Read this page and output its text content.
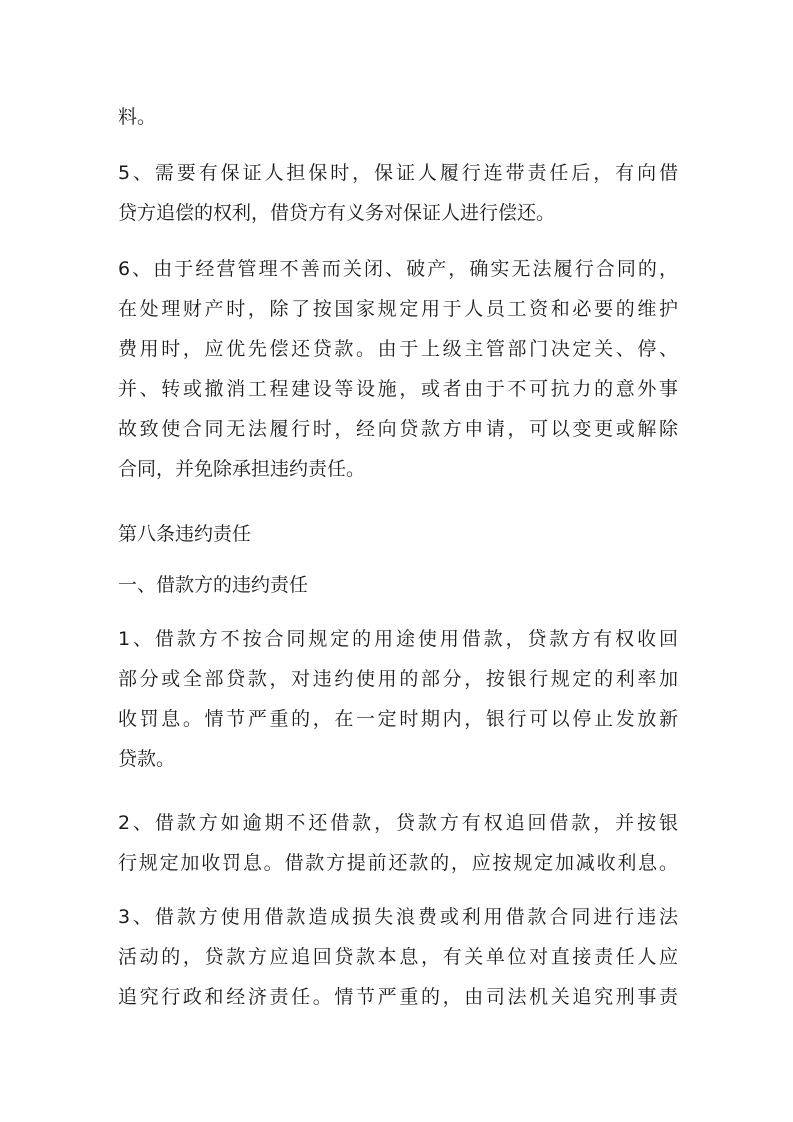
料。
5、需要有保证人担保时，保证人履行连带责任后，有向借
贷方追偿的权利，借贷方有义务对保证人进行偿还。
6、由于经营管理不善而关闭、破产，确实无法履行合同的，
在处理财产时，除了按国家规定用于人员工资和必要的维护
费用时，应优先偿还贷款。由于上级主管部门决定关、停、
并、转或撤消工程建设等设施，或者由于不可抗力的意外事
故致使合同无法履行时，经向贷款方申请，可以变更或解除
合同，并免除承担违约责任。
第八条违约责任
一、借款方的违约责任
1、借款方不按合同规定的用途使用借款，贷款方有权收回
部分或全部贷款，对违约使用的部分，按银行规定的利率加
收罚息。情节严重的，在一定时期内，银行可以停止发放新
贷款。
2、借款方如逾期不还借款，贷款方有权追回借款，并按银
行规定加收罚息。借款方提前还款的，应按规定加减收利息。
3、借款方使用借款造成损失浪费或利用借款合同进行违法
活动的，贷款方应追回贷款本息，有关单位对直接责任人应
追究行政和经济责任。情节严重的，由司法机关追究刑事责
